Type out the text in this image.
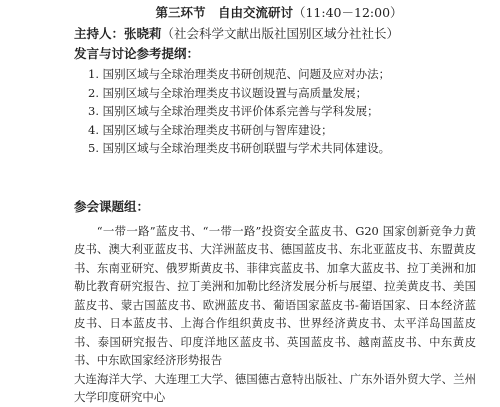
第三环节　自由交流研讨（11:40－12:00）
主持人：张晓莉（社会科学文献出版社国别区域分社社长）
发言与讨论参考提纲：
1. 国别区域与全球治理类皮书研创规范、问题及应对办法；
2. 国别区域与全球治理类皮书议题设置与高质量发展；
3. 国别区域与全球治理类皮书评价体系完善与学科发展；
4. 国别区域与全球治理类皮书研创与智库建设；
5. 国别区域与全球治理类皮书研创联盟与学术共同体建设。
参会课题组：

“一带一路”蓝皮书、“一带一路”投资安全蓝皮书、G20 国家创新竞争力黄皮书、澳大利亚蓝皮书、大洋洲蓝皮书、德国蓝皮书、东北亚蓝皮书、东盟黄皮书、东南亚研究、俄罗斯黄皮书、菲律宾蓝皮书、加拿大蓝皮书、拉丁美洲和加勒比教育研究报告、拉丁美洲和加勒比经济发展分析与展望、拉美黄皮书、美国蓝皮书、蒙古国蓝皮书、欧洲蓝皮书、葡语国家蓝皮书-葡语国家、日本经济蓝皮书、日本蓝皮书、上海合作组织黄皮书、世界经济黄皮书、太平洋岛国蓝皮书、泰国研究报告、印度洋地区蓝皮书、英国蓝皮书、越南蓝皮书、中东黄皮书、中东欧国家经济形势报告

大连海洋大学、大连理工大学、德国德古意特出版社、广东外语外贸大学、兰州大学印度研究中心
